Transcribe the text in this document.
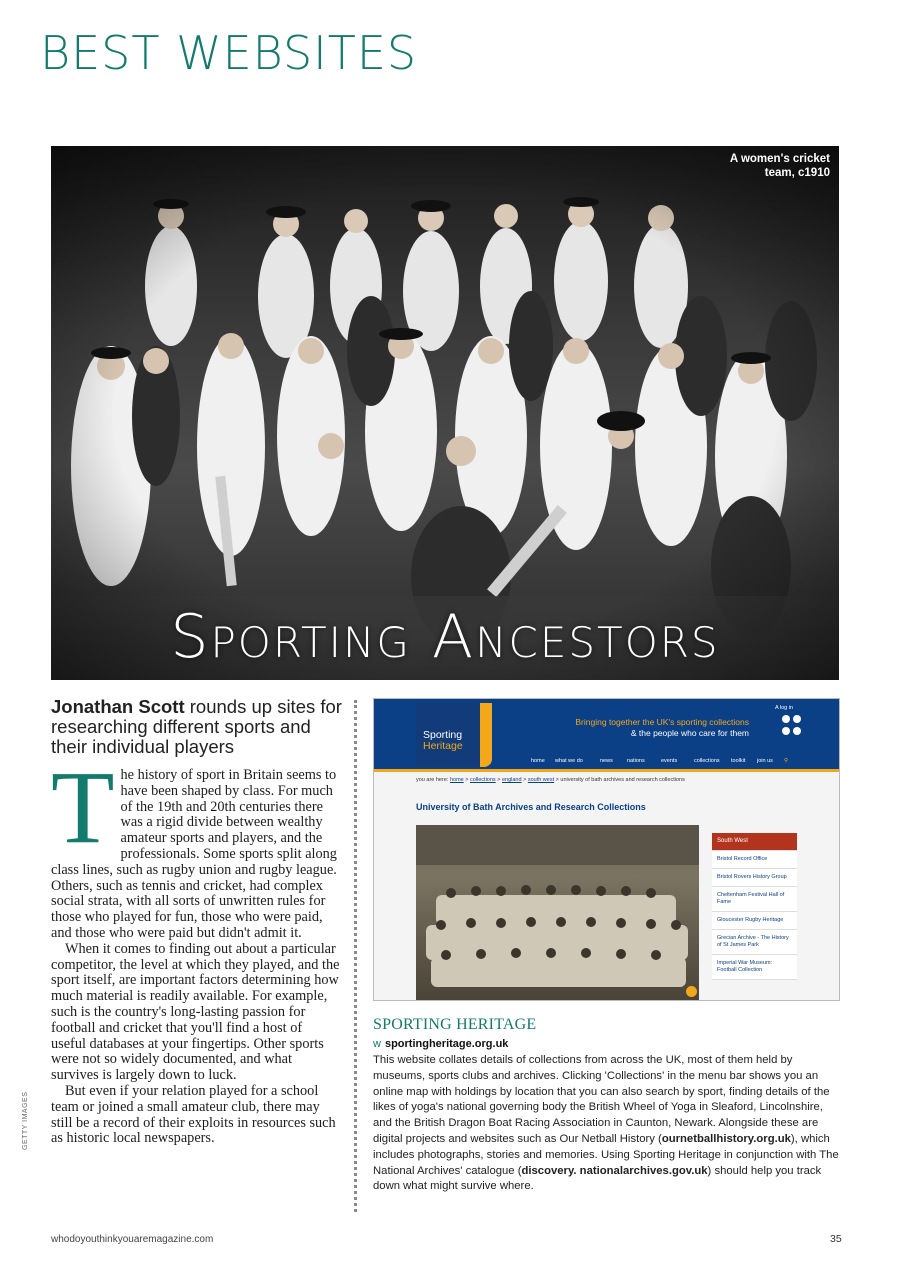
BEST WEBSITES
A women's cricket team, c1910
Sporting Ancestors
Jonathan Scott rounds up sites for researching different sports and their individual players

The history of sport in Britain seems to have been shaped by class. For much of the 19th and 20th centuries there was a rigid divide between wealthy amateur sports and players, and the professionals. Some sports split along class lines, such as rugby union and rugby league. Others, such as tennis and cricket, had complex social strata, with all sorts of unwritten rules for those who played for fun, those who were paid, and those who were paid but didn't admit it.

When it comes to finding out about a particular competitor, the level at which they played, and the sport itself, are important factors determining how much material is readily available. For example, such is the country's long-lasting passion for football and cricket that you'll find a host of useful databases at your fingertips. Other sports were not so widely documented, and what survives is largely down to luck.

But even if your relation played for a school team or joined a small amateur club, there may still be a record of their exploits in resources such as historic local newspapers.

GETTY IMAGES
Sporting
Heritage
Bringing together the UK's sporting collections
& the people who care for them
A log in
home what we do	news	nations	events	collections toolkit join us ⚲
you are here: home > collections > england > south west > university of bath archives and research collections
University of Bath Archives and Research Collections
South West
Bristol Record Office
Bristol Rovers History Group
Cheltenham Festival Hall of Fame
Gloucester Rugby Heritage
Grecian Archive - The History of St James Park
Imperial War Museum: Football Collection
SPORTING HERITAGE
w sportingheritage.org.uk
This website collates details of collections from across the UK, most of them held by museums, sports clubs and archives. Clicking 'Collections' in the menu bar shows you an online map with holdings by location that you can also search by sport, finding details of the likes of yoga's national governing body the British Wheel of Yoga in Sleaford, Lincolnshire, and the British Dragon Boat Racing Association in Caunton, Newark. Alongside these are digital projects and websites such as Our Netball History (ournetballhistory.org.uk), which includes photographs, stories and memories. Using Sporting Heritage in conjunction with The National Archives' catalogue (discovery. nationalarchives.gov.uk) should help you track down what might survive where.
whodoyouthinkyouaremagazine.com	35
